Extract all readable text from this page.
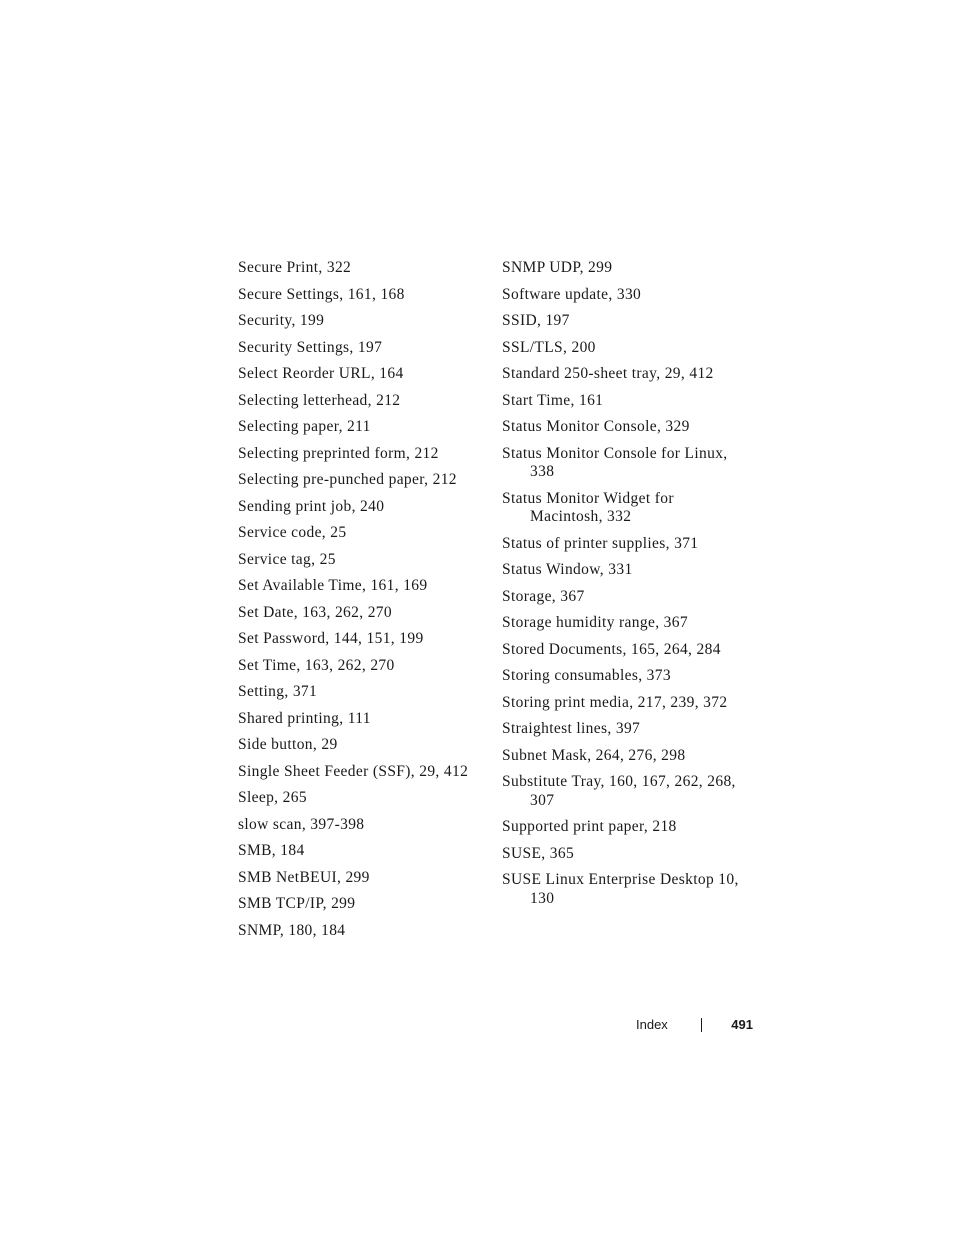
Secure Print, 322

Secure Settings, 161, 168

Security, 199

Security Settings, 197

Select Reorder URL, 164

Selecting letterhead, 212

Selecting paper, 211

Selecting preprinted form, 212

Selecting pre-punched paper, 212

Sending print job, 240

Service code, 25

Service tag, 25

Set Available Time, 161, 169

Set Date, 163, 262, 270

Set Password, 144, 151, 199

Set Time, 163, 262, 270

Setting, 371

Shared printing, 111

Side button, 29

Single Sheet Feeder (SSF), 29, 412

Sleep, 265

slow scan, 397-398

SMB, 184

SMB NetBEUI, 299

SMB TCP/IP, 299

SNMP, 180, 184

SNMP UDP, 299

Software update, 330

SSID, 197

SSL/TLS, 200

Standard 250-sheet tray, 29, 412

Start Time, 161

Status Monitor Console, 329

Status Monitor Console for Linux, 338

Status Monitor Widget for Macintosh, 332

Status of printer supplies, 371

Status Window, 331

Storage, 367

Storage humidity range, 367

Stored Documents, 165, 264, 284

Storing consumables, 373

Storing print media, 217, 239, 372

Straightest lines, 397

Subnet Mask, 264, 276, 298

Substitute Tray, 160, 167, 262, 268, 307

Supported print paper, 218

SUSE, 365

SUSE Linux Enterprise Desktop 10, 130

Index	491
